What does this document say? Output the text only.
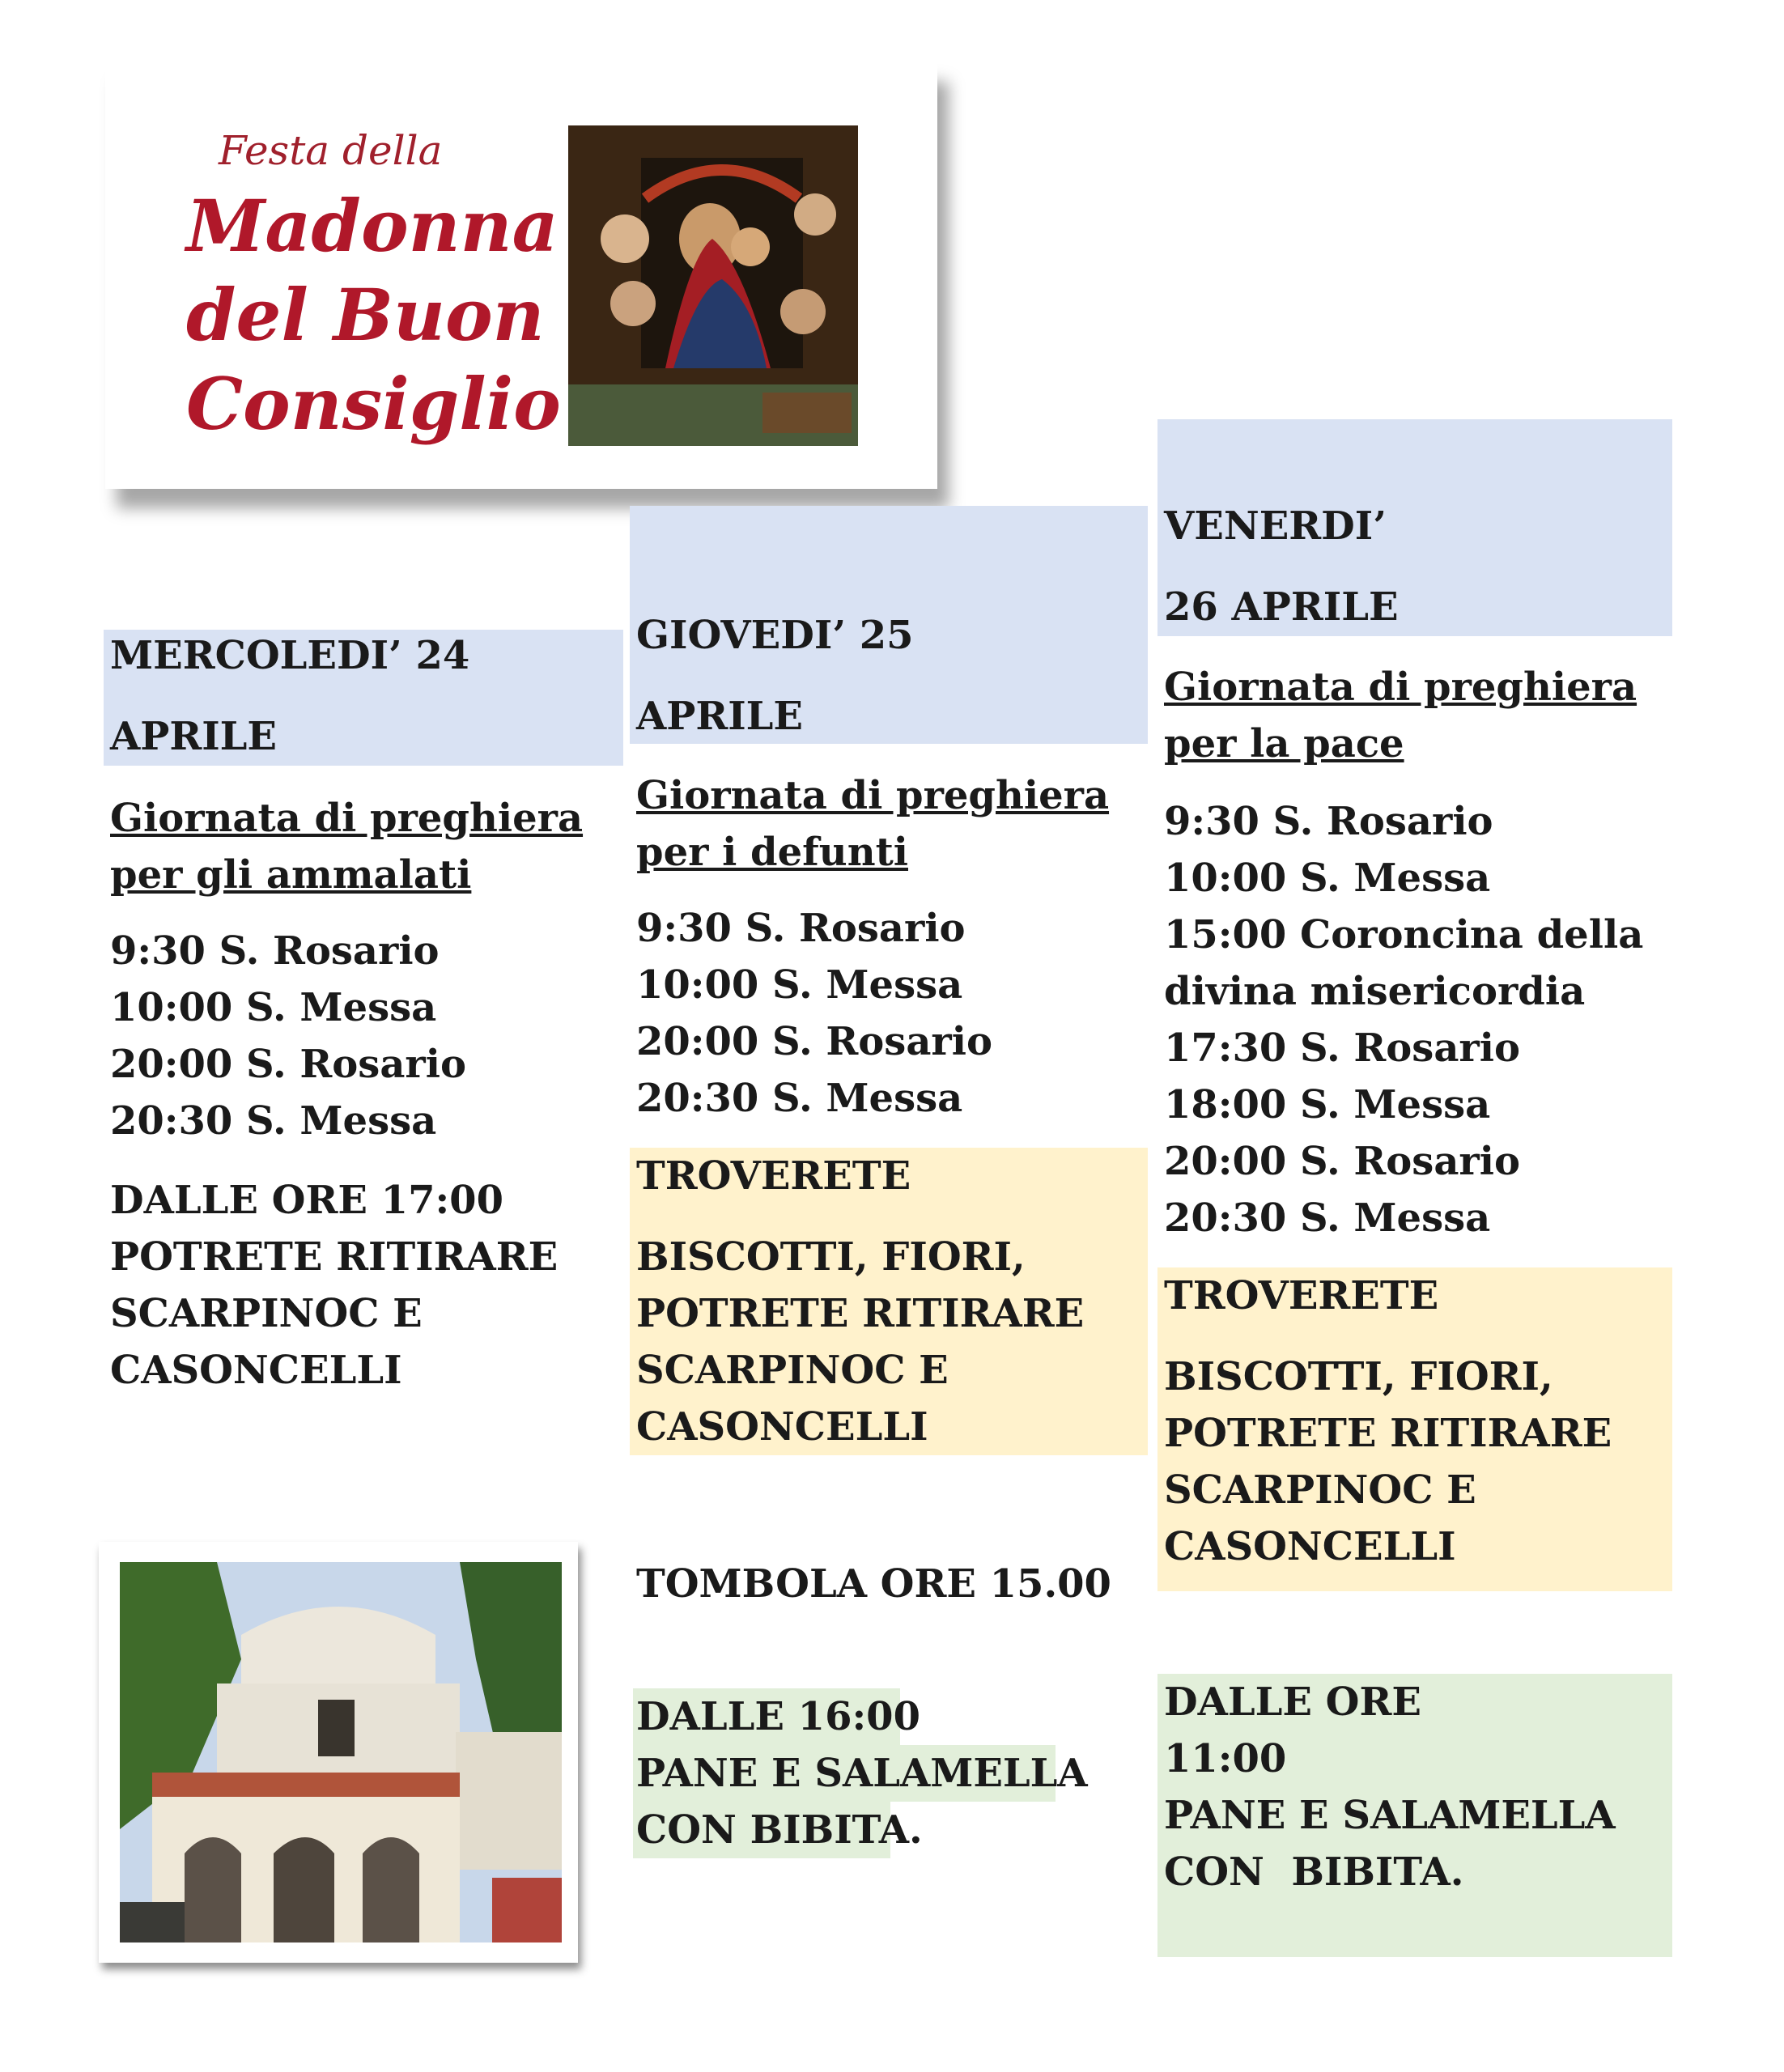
Festa della
Madonna
del Buon
Consiglio
MERCOLEDI’ 24
APRILE
Giornata di preghiera
per gli ammalati
9:30 S. Rosario
10:00 S. Messa
20:00 S. Rosario
20:30 S. Messa
DALLE ORE 17:00
POTRETE RITIRARE
SCARPINOC E
CASONCELLI
GIOVEDI’ 25
APRILE
Giornata di preghiera
per i defunti
9:30 S. Rosario
10:00 S. Messa
20:00 S. Rosario
20:30 S. Messa
TROVERETE
BISCOTTI, FIORI,
POTRETE RITIRARE
SCARPINOC E
CASONCELLI
TOMBOLA ORE 15.00
DALLE 16:00
PANE E SALAMELLA
CON BIBITA.
VENERDI’
26 APRILE
Giornata di preghiera
per la pace
9:30 S. Rosario
10:00 S. Messa
15:00 Coroncina della
divina misericordia
17:30 S. Rosario
18:00 S. Messa
20:00 S. Rosario
20:30 S. Messa
TROVERETE
BISCOTTI, FIORI,
POTRETE RITIRARE
SCARPINOC E
CASONCELLI
DALLE ORE
11:00
PANE E SALAMELLA
CON  BIBITA.
